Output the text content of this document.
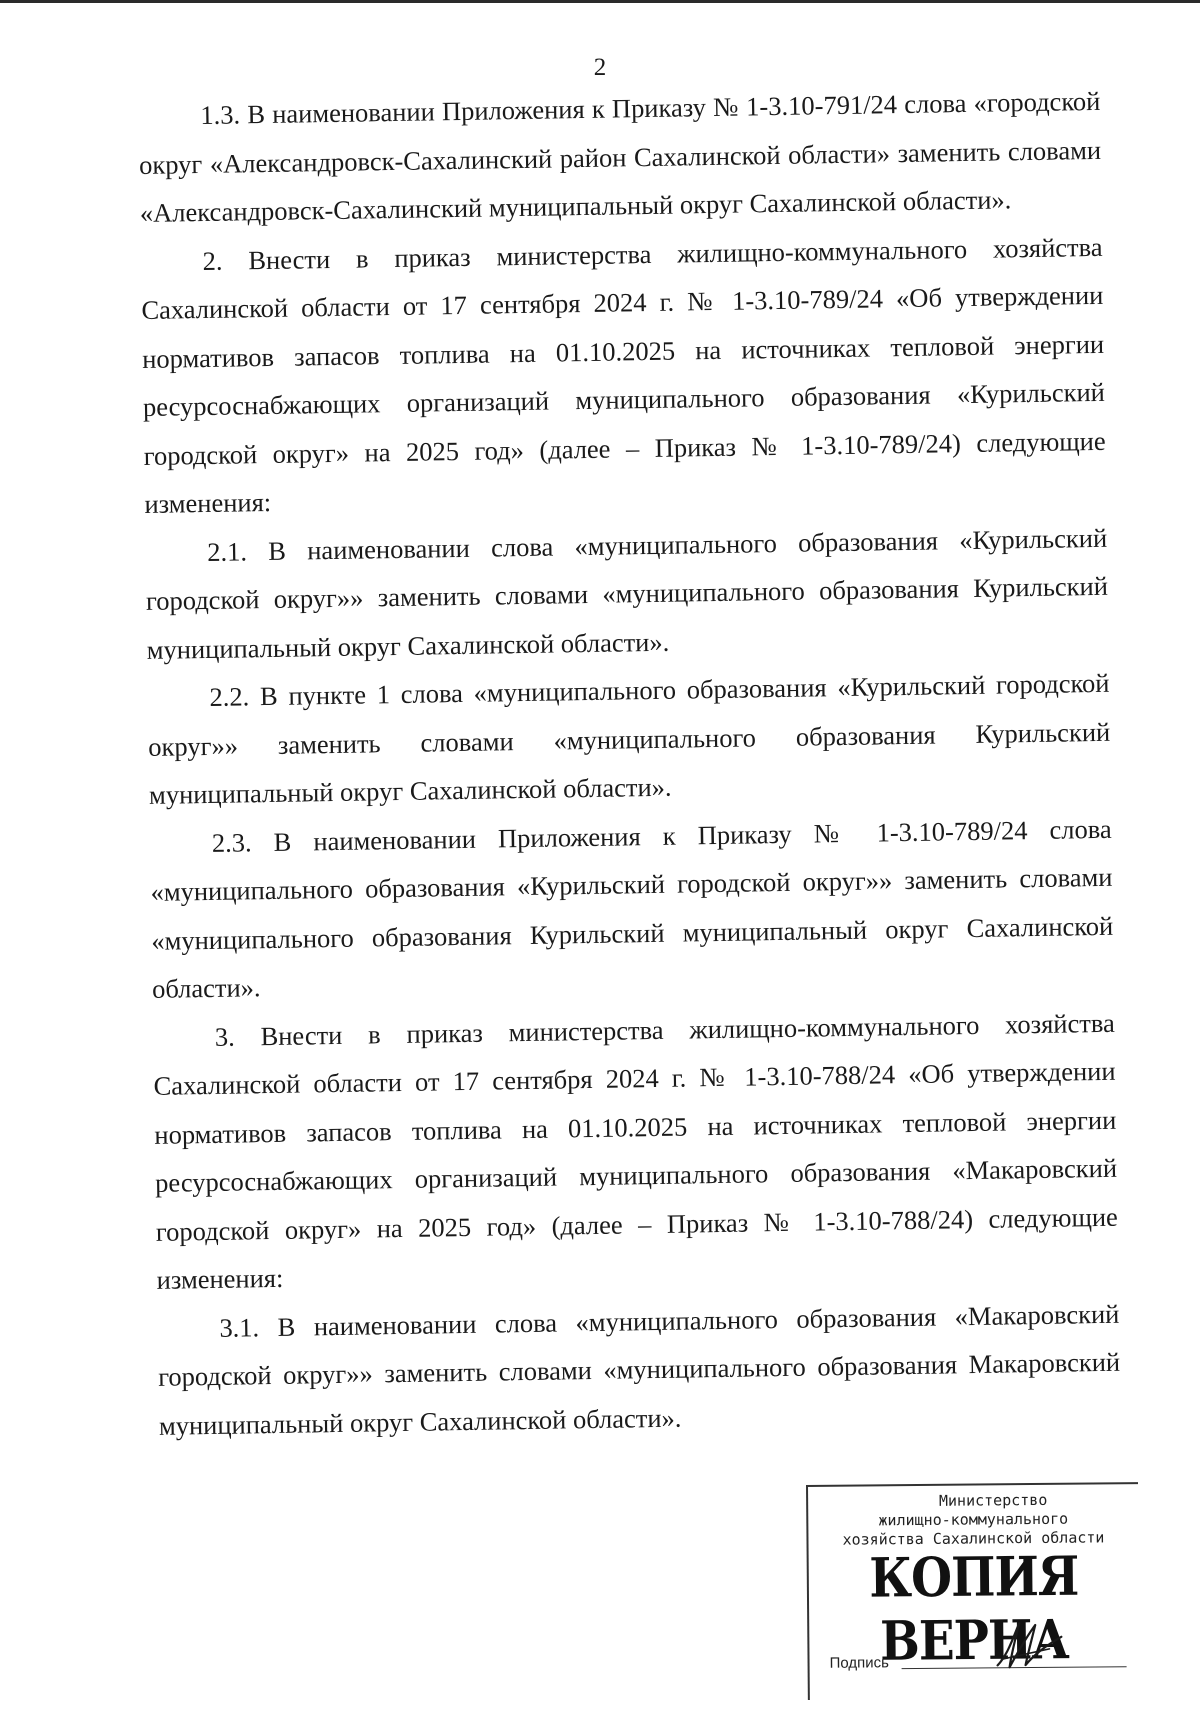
2

1.3. В наименовании Приложения к Приказу № 1-3.10-791/24 слова «городской округ «Александровск-Сахалинский район Сахалинской области» заменить словами «Александровск-Сахалинский муниципальный округ Сахалинской области».

2. Внести в приказ министерства жилищно-коммунального хозяйства Сахалинской области от 17 сентября 2024 г. № 1-3.10-789/24 «Об утверждении нормативов запасов топлива на 01.10.2025 на источниках тепловой энергии ресурсоснабжающих организаций муниципального образования «Курильский городской округ» на 2025 год» (далее – Приказ № 1-3.10-789/24) следующие изменения:

2.1. В наименовании слова «муниципального образования «Курильский городской округ»» заменить словами «муниципального образования Курильский муниципальный округ Сахалинской области».

2.2. В пункте 1 слова «муниципального образования «Курильский городской округ»» заменить словами «муниципального образования Курильский муниципальный округ Сахалинской области».

2.3. В наименовании Приложения к Приказу № 1-3.10-789/24 слова «муниципального образования «Курильский городской округ»» заменить словами «муниципального образования Курильский муниципальный округ Сахалинской области».

3. Внести в приказ министерства жилищно-коммунального хозяйства Сахалинской области от 17 сентября 2024 г. № 1-3.10-788/24 «Об утверждении нормативов запасов топлива на 01.10.2025 на источниках тепловой энергии ресурсоснабжающих организаций муниципального образования «Макаровский городской округ» на 2025 год» (далее – Приказ № 1-3.10-788/24) следующие изменения:

3.1. В наименовании слова «муниципального образования «Макаровский городской округ»» заменить словами «муниципального образования Макаровский муниципальный округ Сахалинской области».

Министерство
жилищно-коммунального
хозяйства Сахалинской области
КОПИЯ ВЕРНА
Подпись
